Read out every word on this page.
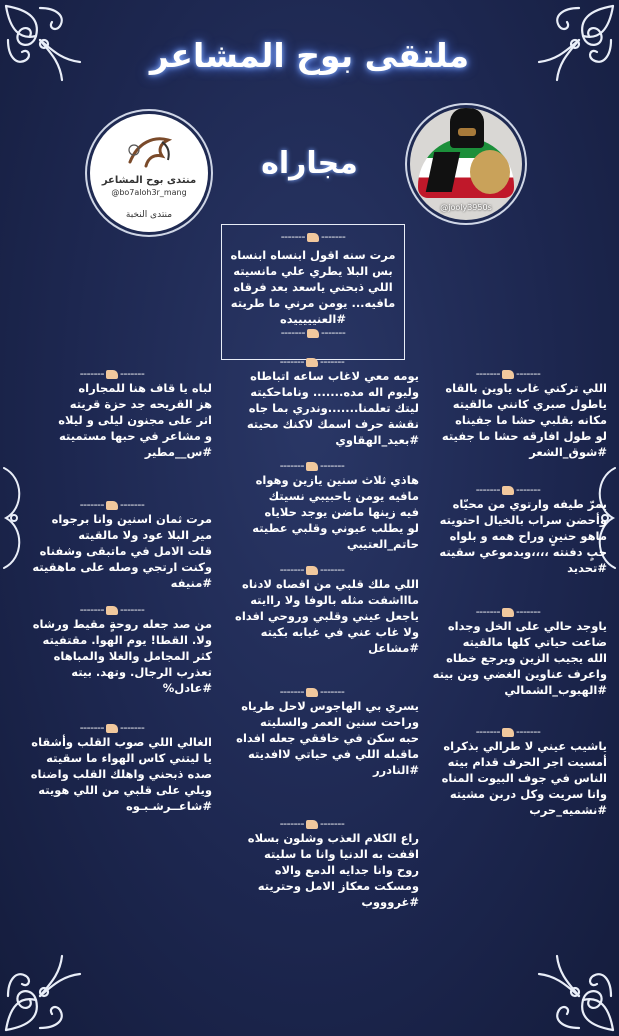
ملتقى بوح المشاعر
مجاراه
منتدى بوح المشاعر
@bo7aloh3r_mang
منتدى النخبة
@jooly3950s
------- -------
مرت سنه اقول ابنساه ابنساه
بس البلا يطري علي مانسيته
اللي ذبحني ياسعد بعد فرقاه
مافيه... يومن مرني ما طريته
#العنيييييده
------- -------
------- -------
اللي تركني غاب ياوين بالقاه
ياطول صبري كانني مالقيته
مكانه بقلبي حشا ما جفيناه
لو طول افارقه حشا ما جفيته
#شوق_الشعر
------- -------
يمرّ طيفه وارتوي من محيّاه
وأحضن سراب بالخيال احتويته
ماهو حنينٍ وراح همه و بلواه
حبٍ دفنته ،،،،وبدموعي سقيته
#تحديد
------- -------
ياوجد حالي على الخل وجداه
ضاعت حياتي كلها مالقيته
الله يجيب الزين ويرجع خطاه
واعرف عناوين الغضي وين بيته
#الهبوب_الشمالي
------- -------
ياشيب عيني لا طرالي بذكراه
أمسيت اجر الحرف قدام بيته
الناس في جوف البيوت المناه
وانا سريت وكل دربن مشيته
#نشميه_حرب
------- -------
يومه معي لاغاب ساعه اتباطاه
وليوم اله مده....... وناماحكيته
ليتك تعلمنا.......وندري بما جاه
نقشة حرف اسمك لاكنك محيته
#بعيد_الهقاوي
------- -------
هاذي ثلاث سنين يازين وهواه
مافيه يومن ياحبيبي نسيتك
فيه زينها ماضن يوجد حلاياه
لو يطلب عيوني وقلبي عطيته
حاتم_العتيبي
------- -------
اللي ملك قلبي من اقصاه لادناه
ماااشفت مثله بالوفا ولا راايته
ياجعل عيني وقلبي وروحي افداه
ولا غاب عني في غيابه بكيته
#مشاعل
------- -------
يسري بي الهاجوس لاحل طرياه
وراحت سنين العمر والسليته
حبه سكن في خافقي جعله افداه
ماقبله اللي في حياتي لاافديته
#النادرر
------- -------
راع الكلام العذب وشلون بسلاه
اقفت به الدنيا وانا ما سليته
روح وانا جدايه الدمع والاه
ومسكت معكاز الامل وحتريته
#غروووب
------- -------
لباه يا قاف هنا للمجاراه
هز القريحه جد حزة قريته
اثر على مجنون ليلى و ليلاه
و مشاعر في حبها مستميته
#س__مطير
------- -------
مرت ثمان اسنين وانا برجواه
مير البلا عود ولا مالقيته
قلت الامل في ماتبقى وشفناه
وكنت ارتجي وصله على ماهقيته
#منيفه
------- -------
من صد جعله روحةٍ مقيط ورشاه
ولا. القطا! يوم الهوا. مقتفيته
كثر المجامل والغلا والمباهاه
تعذرب الرجال. وتهد. بيته
#عادل%
------- -------
الغالي اللي صوب القلب وأشقاه
يا ليتني كاس الهواء ما سقيته
صده ذبحني واهلك القلب واضناه
ويلي على قلبي من اللي هويته
#شاعــرشـبـوه
